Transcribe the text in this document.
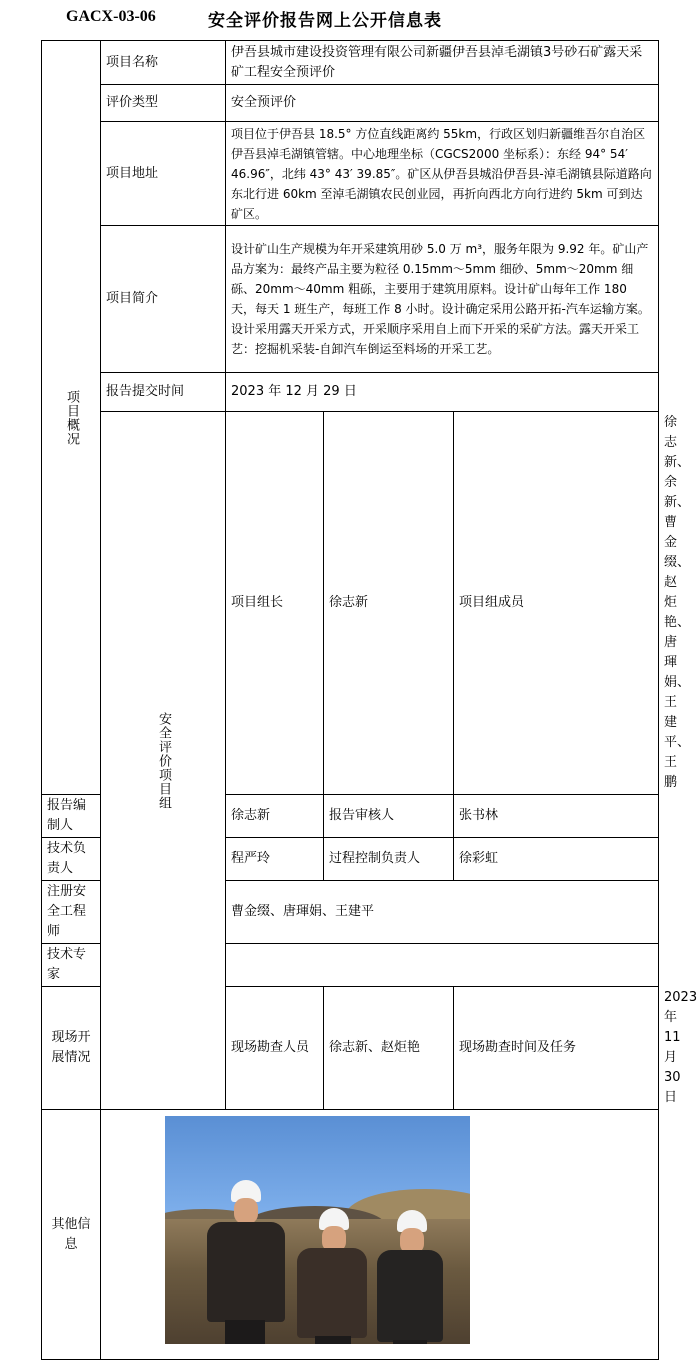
GACX-03-06	安全评价报告网上公开信息表
项目概况	项目名称	伊吾县城市建设投资管理有限公司新疆伊吾县淖毛湖镇3号砂石矿露天采矿工程安全预评价			
	评价类型	安全预评价			
	项目地址	项目位于伊吾县 18.5° 方位直线距离约 55km，行政区划归新疆维吾尔自治区伊吾县淖毛湖镇管辖。中心地理坐标（CGCS2000 坐标系）：东经 94° 54′ 46.96″，北纬 43° 43′ 39.85″。矿区从伊吾县城沿伊吾县-淖毛湖镇县际道路向东北行进 60km 至淖毛湖镇农民创业园，再折向西北方向行进约 5km 可到达矿区。			
	项目简介	设计矿山生产规模为年开采建筑用砂 5.0 万 m³，服务年限为 9.92 年。矿山产品方案为：最终产品主要为粒径 0.15mm～5mm 细砂、5mm～20mm 细砾、20mm～40mm 粗砾，主要用于建筑用原料。设计矿山每年工作 180 天，每天 1 班生产，每班工作 8 小时。设计确定采用公路开拓-汽车运输方案。设计采用露天开采方式，开采顺序采用自上而下开采的采矿方法。露天开采工艺：挖掘机采装-自卸汽车倒运至料场的开采工艺。			
	报告提交时间	2023 年 12 月 29 日			
	安全评价项目组	项目组长	徐志新	项目组成员	徐志新、余新、曹金缀、赵炬艳、唐琿娟、王建平、王鹏
报告编制人		徐志新	报告审核人	张书林	
技术负责人		程严玲	过程控制负责人	徐彩虹	
注册安全工程师		曹金缀、唐琿娟、王建平			
技术专家					
现场开展情况		现场勘查人员	徐志新、赵炬艳	现场勘查时间及任务	2023 年 11 月 30 日
其他信息					
